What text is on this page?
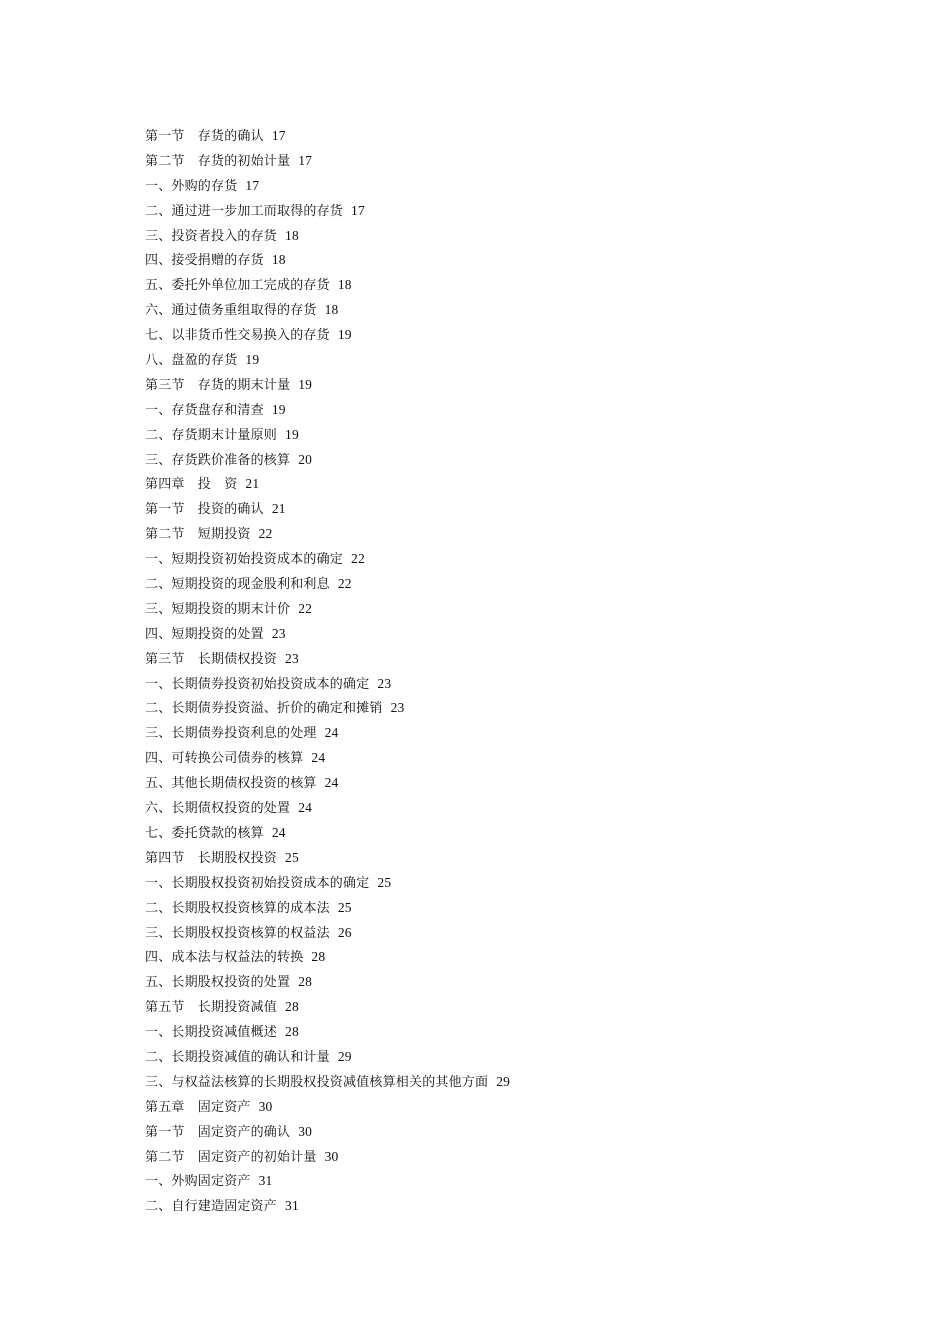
第一节　存货的确认 17
第二节　存货的初始计量 17
一、外购的存货 17
二、通过进一步加工而取得的存货 17
三、投资者投入的存货 18
四、接受捐赠的存货 18
五、委托外单位加工完成的存货 18
六、通过债务重组取得的存货 18
七、以非货币性交易换入的存货 19
八、盘盈的存货 19
第三节　存货的期末计量 19
一、存货盘存和清查 19
二、存货期末计量原则 19
三、存货跌价准备的核算 20
第四章　投　资 21
第一节　投资的确认 21
第二节　短期投资 22
一、短期投资初始投资成本的确定 22
二、短期投资的现金股利和利息 22
三、短期投资的期末计价 22
四、短期投资的处置 23
第三节　长期债权投资 23
一、长期债券投资初始投资成本的确定 23
二、长期债券投资溢、折价的确定和摊销 23
三、长期债券投资利息的处理 24
四、可转换公司债券的核算 24
五、其他长期债权投资的核算 24
六、长期债权投资的处置 24
七、委托贷款的核算 24
第四节　长期股权投资 25
一、长期股权投资初始投资成本的确定 25
二、长期股权投资核算的成本法 25
三、长期股权投资核算的权益法 26
四、成本法与权益法的转换 28
五、长期股权投资的处置 28
第五节　长期投资减值 28
一、长期投资减值概述 28
二、长期投资减值的确认和计量 29
三、与权益法核算的长期股权投资减值核算相关的其他方面 29
第五章　固定资产 30
第一节　固定资产的确认 30
第二节　固定资产的初始计量 30
一、外购固定资产 31
二、自行建造固定资产 31
